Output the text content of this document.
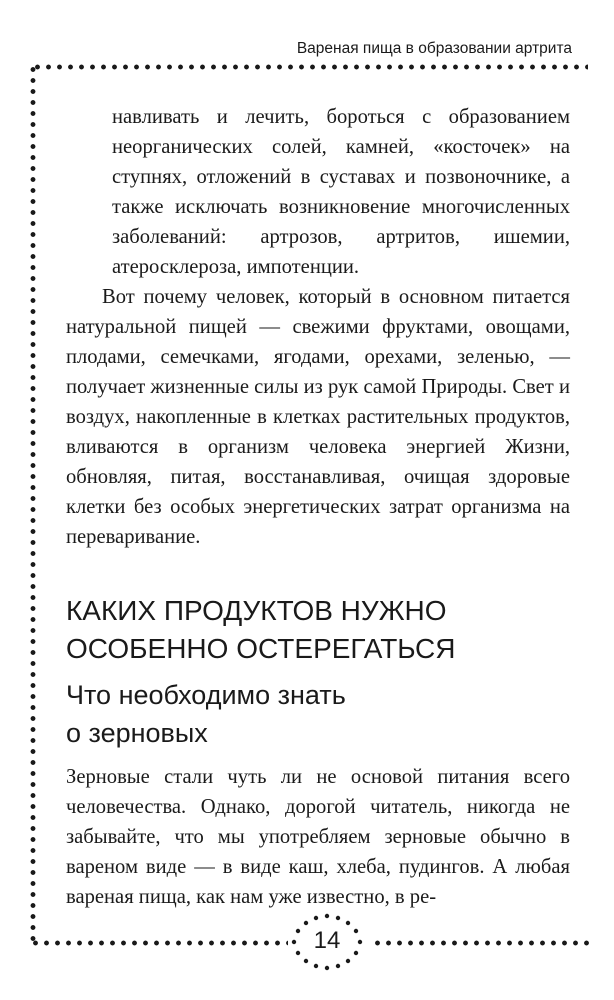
Вареная пища в образовании артрита
14

навливать и лечить, бороться с образованием неорганических солей, камней, «косточек» на ступнях, отложений в суставах и позвоночнике, а также исключать возникновение многочисленных заболеваний: артрозов, артритов, ишемии, атеросклероза, импотенции.

Вот почему человек, который в основном питается натуральной пищей — свежими фруктами, овощами, плодами, семечками, ягодами, орехами, зеленью, — получает жизненные силы из рук самой Природы. Свет и воздух, накопленные в клетках растительных продуктов, вливаются в организм человека энергией Жизни, обновляя, питая, восстанавливая, очищая здоровые клетки без особых энергетических затрат организма на переваривание.

КАКИХ ПРОДУКТОВ НУЖНО
ОСОБЕННО ОСТЕРЕГАТЬСЯ
Что необходимо знать
о зерновых

Зерновые стали чуть ли не основой питания всего человечества. Однако, дорогой читатель, никогда не забывайте, что мы употребляем зерновые обычно в вареном виде — в виде каш, хлеба, пудингов. А любая вареная пища, как нам уже известно, в ре-
